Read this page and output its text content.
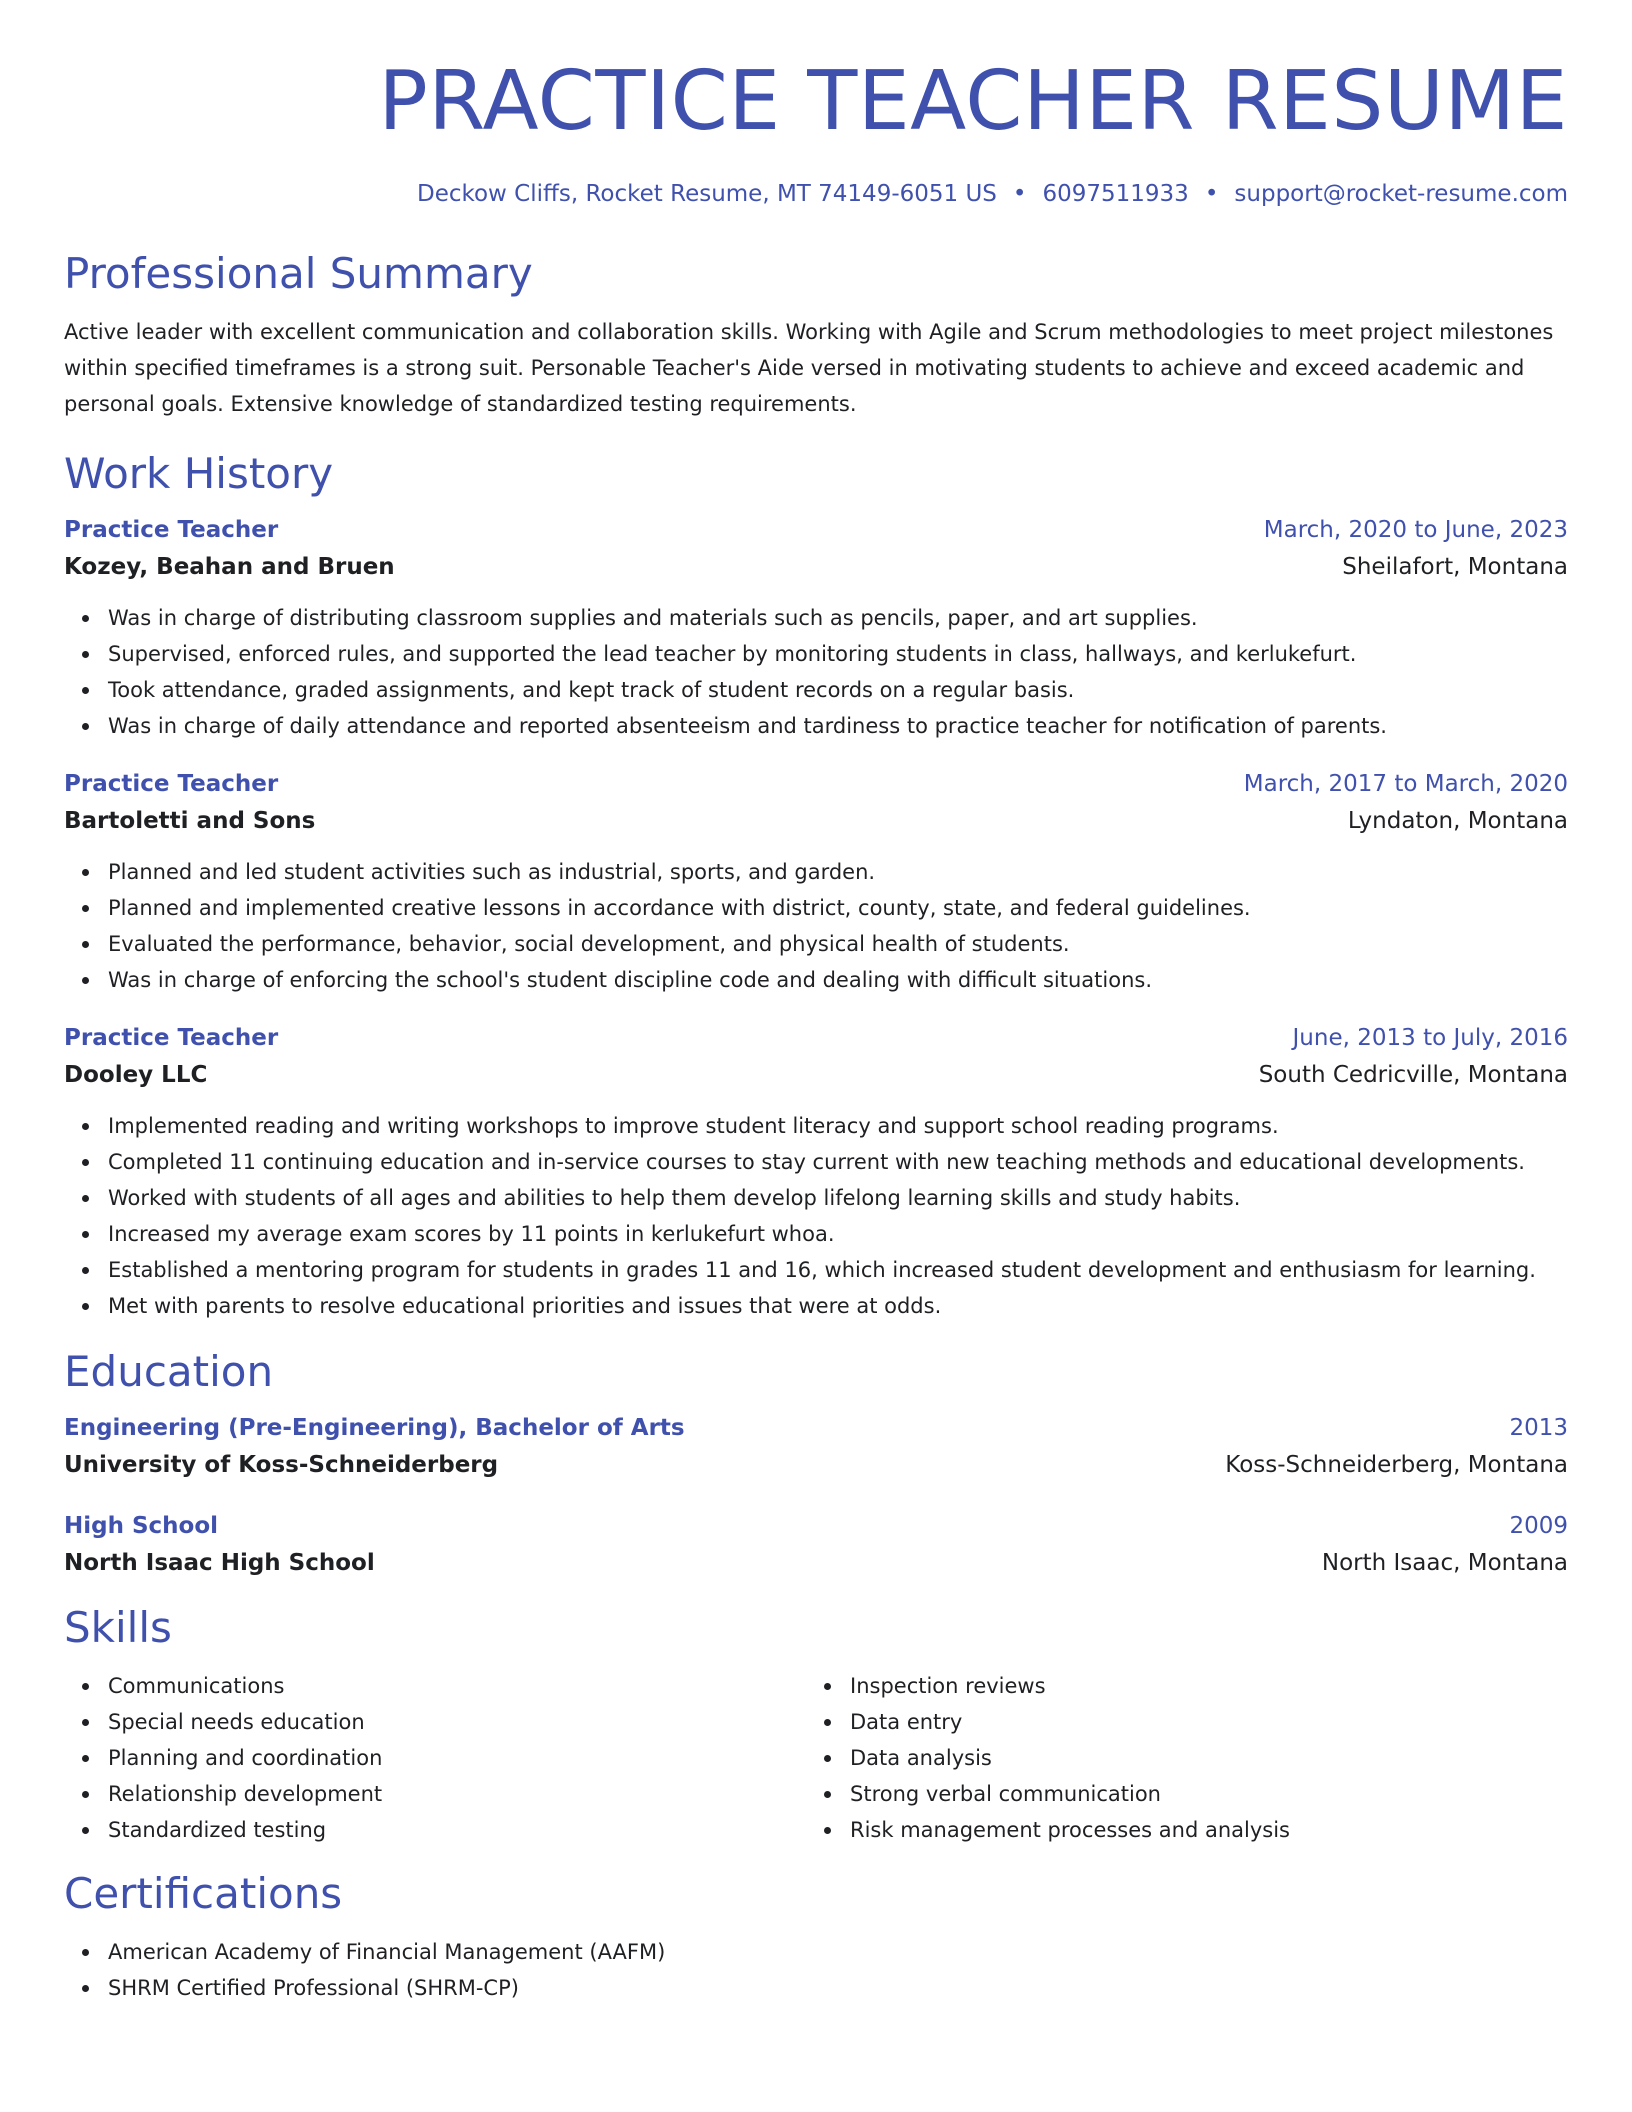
PRACTICE TEACHER RESUME
Deckow Cliffs, Rocket Resume, MT 74149-6051 US • 6097511933 • support@rocket-resume.com
Professional Summary

Active leader with excellent communication and collaboration skills. Working with Agile and Scrum methodologies to meet project milestones within specified timeframes is a strong suit. Personable Teacher's Aide versed in motivating students to achieve and exceed academic and personal goals. Extensive knowledge of standardized testing requirements.

Work History
Practice Teacher	March, 2020 to June, 2023
Kozey, Beahan and Bruen	Sheilafort, Montana
Was in charge of distributing classroom supplies and materials such as pencils, paper, and art supplies.
Supervised, enforced rules, and supported the lead teacher by monitoring students in class, hallways, and kerlukefurt.
Took attendance, graded assignments, and kept track of student records on a regular basis.
Was in charge of daily attendance and reported absenteeism and tardiness to practice teacher for notification of parents.
Practice Teacher	March, 2017 to March, 2020
Bartoletti and Sons	Lyndaton, Montana
Planned and led student activities such as industrial, sports, and garden.
Planned and implemented creative lessons in accordance with district, county, state, and federal guidelines.
Evaluated the performance, behavior, social development, and physical health of students.
Was in charge of enforcing the school's student discipline code and dealing with difficult situations.
Practice Teacher	June, 2013 to July, 2016
Dooley LLC	South Cedricville, Montana
Implemented reading and writing workshops to improve student literacy and support school reading programs.
Completed 11 continuing education and in-service courses to stay current with new teaching methods and educational developments.
Worked with students of all ages and abilities to help them develop lifelong learning skills and study habits.
Increased my average exam scores by 11 points in kerlukefurt whoa.
Established a mentoring program for students in grades 11 and 16, which increased student development and enthusiasm for learning.
Met with parents to resolve educational priorities and issues that were at odds.
Education
Engineering (Pre-Engineering), Bachelor of Arts	2013
University of Koss-Schneiderberg	Koss-Schneiderberg, Montana
High School	2009
North Isaac High School	North Isaac, Montana
Skills
Communications
Special needs education
Planning and coordination
Relationship development
Standardized testing
Inspection reviews
Data entry
Data analysis
Strong verbal communication
Risk management processes and analysis
Certifications
American Academy of Financial Management (AAFM)
SHRM Certified Professional (SHRM-CP)
